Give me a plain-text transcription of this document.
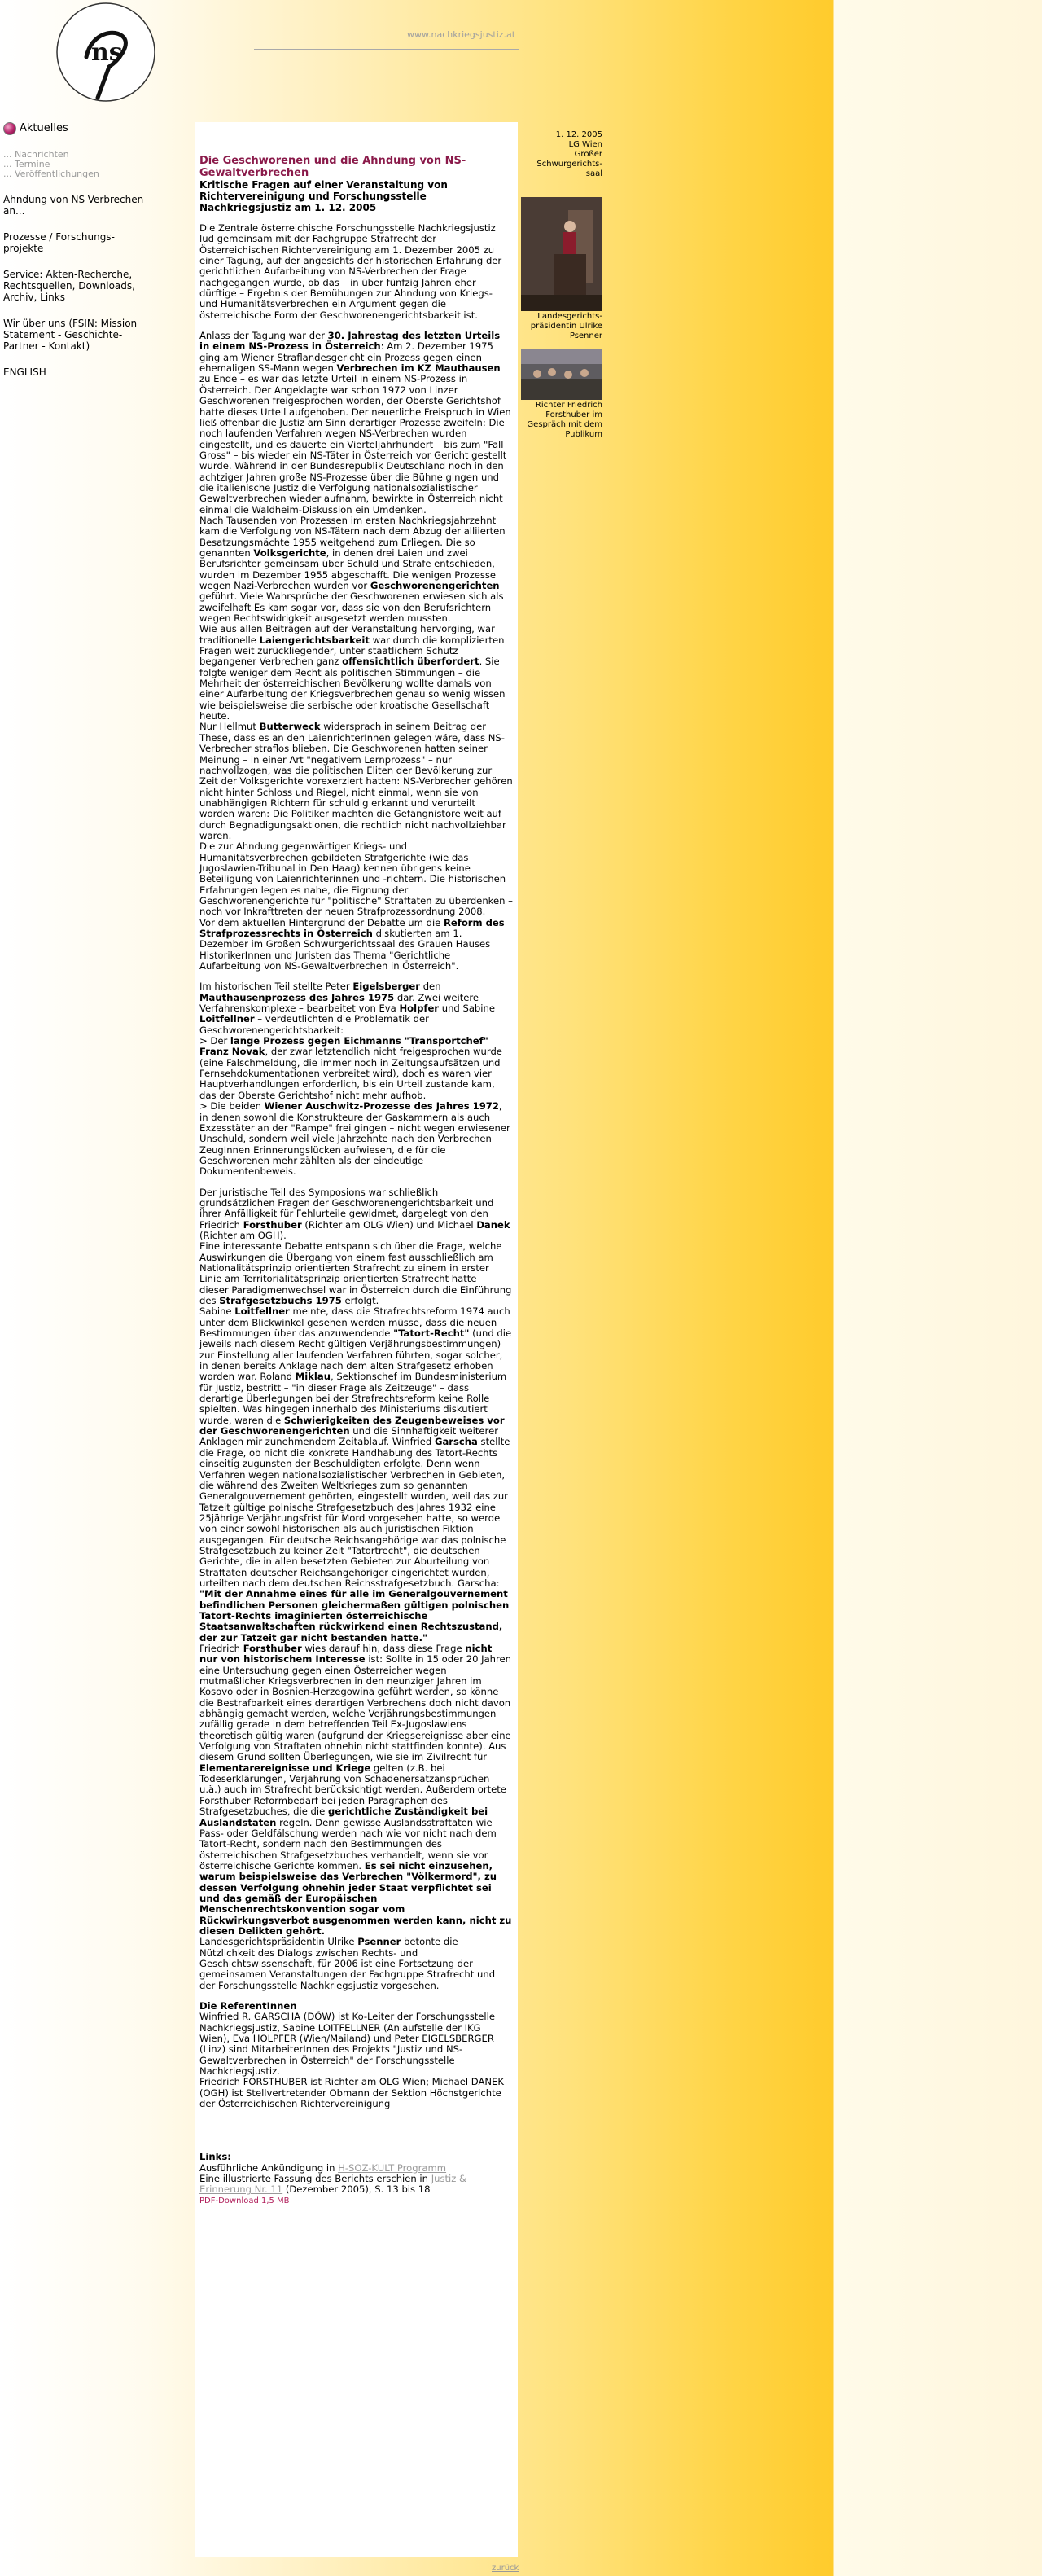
ns
www.nachkriegsjustiz.at
Aktuelles
... Nachrichten
... Termine
... Veröffentlichungen
Ahndung von NS-Verbrechen an...
Prozesse / Forschungs-projekte
Service: Akten-Recherche, Rechtsquellen, Downloads, Archiv, Links
Wir über uns (FSIN: Mission Statement - Geschichte- Partner - Kontakt)
ENGLISH
Die Geschworenen und die Ahndung von NS-Gewaltverbrechen
Kritische Fragen auf einer Veranstaltung von Richtervereinigung und Forschungsstelle Nachkriegsjustiz am 1. 12. 2005

Die Zentrale österreichische Forschungsstelle Nachkriegsjustiz lud gemeinsam mit der Fachgruppe Strafrecht der Österreichischen Richtervereinigung am 1. Dezember 2005 zu einer Tagung, auf der angesichts der historischen Erfahrung der gerichtlichen Aufarbeitung von NS-Verbrechen der Frage nachgegangen wurde, ob das – in über fünfzig Jahren eher dürftige – Ergebnis der Bemühungen zur Ahndung von Kriegs- und Humanitätsverbrechen ein Argument gegen die österreichische Form der Geschworenengerichtsbarkeit ist.

Anlass der Tagung war der 30. Jahrestag des letzten Urteils in einem NS-Prozess in Österreich: Am 2. Dezember 1975 ging am Wiener Straflandesgericht ein Prozess gegen einen ehemaligen SS-Mann wegen Verbrechen im KZ Mauthausen zu Ende – es war das letzte Urteil in einem NS-Prozess in Österreich. Der Angeklagte war schon 1972 von Linzer Geschworenen freigesprochen worden, der Oberste Gerichtshof hatte dieses Urteil aufgehoben. Der neuerliche Freispruch in Wien ließ offenbar die Justiz am Sinn derartiger Prozesse zweifeln: Die noch laufenden Verfahren wegen NS-Verbrechen wurden eingestellt, und es dauerte ein Vierteljahrhundert – bis zum "Fall Gross" – bis wieder ein NS-Täter in Österreich vor Gericht gestellt wurde. Während in der Bundesrepublik Deutschland noch in den achtziger Jahren große NS-Prozesse über die Bühne gingen und die italienische Justiz die Verfolgung nationalsozialistischer Gewaltverbrechen wieder aufnahm, bewirkte in Österreich nicht einmal die Waldheim-Diskussion ein Umdenken.

Nach Tausenden von Prozessen im ersten Nachkriegsjahrzehnt kam die Verfolgung von NS-Tätern nach dem Abzug der alliierten Besatzungsmächte 1955 weitgehend zum Erliegen. Die so genannten Volksgerichte, in denen drei Laien und zwei Berufsrichter gemeinsam über Schuld und Strafe entschieden, wurden im Dezember 1955 abgeschafft. Die wenigen Prozesse wegen Nazi-Verbrechen wurden vor Geschworenengerichten geführt. Viele Wahrsprüche der Geschworenen erwiesen sich als zweifelhaft Es kam sogar vor, dass sie von den Berufsrichtern wegen Rechtswidrigkeit ausgesetzt werden mussten.

Wie aus allen Beiträgen auf der Veranstaltung hervorging, war traditionelle Laiengerichtsbarkeit war durch die komplizierten Fragen weit zurückliegender, unter staatlichem Schutz begangener Verbrechen ganz offensichtlich überfordert. Sie folgte weniger dem Recht als politischen Stimmungen – die Mehrheit der österreichischen Bevölkerung wollte damals von einer Aufarbeitung der Kriegsverbrechen genau so wenig wissen wie beispielsweise die serbische oder kroatische Gesellschaft heute.

Nur Hellmut Butterweck widersprach in seinem Beitrag der These, dass es an den LaienrichterInnen gelegen wäre, dass NS-Verbrecher straflos blieben. Die Geschworenen hatten seiner Meinung – in einer Art "negativem Lernprozess" – nur nachvollzogen, was die politischen Eliten der Bevölkerung zur Zeit der Volksgerichte vorexerziert hatten: NS-Verbrecher gehören nicht hinter Schloss und Riegel, nicht einmal, wenn sie von unabhängigen Richtern für schuldig erkannt und verurteilt worden waren: Die Politiker machten die Gefängnistore weit auf – durch Begnadigungsaktionen, die rechtlich nicht nachvollziehbar waren.

Die zur Ahndung gegenwärtiger Kriegs- und Humanitätsverbrechen gebildeten Strafgerichte (wie das Jugoslawien-Tribunal in Den Haag) kennen übrigens keine Beteiligung von Laienrichterinnen und -richtern. Die historischen Erfahrungen legen es nahe, die Eignung der Geschworenengerichte für "politische" Straftaten zu überdenken – noch vor Inkrafttreten der neuen Strafprozessordnung 2008.

Vor dem aktuellen Hintergrund der Debatte um die Reform des Strafprozessrechts in Österreich diskutierten am 1. Dezember im Großen Schwurgerichtssaal des Grauen Hauses HistorikerInnen und Juristen das Thema "Gerichtliche Aufarbeitung von NS-Gewaltverbrechen in Österreich".

Im historischen Teil stellte Peter Eigelsberger den Mauthausenprozess des Jahres 1975 dar. Zwei weitere Verfahrenskomplexe – bearbeitet von Eva Holpfer und Sabine Loitfellner – verdeutlichten die Problematik der Geschworenengerichtsbarkeit:

> Der lange Prozess gegen Eichmanns "Transportchef" Franz Novak, der zwar letztendlich nicht freigesprochen wurde (eine Falschmeldung, die immer noch in Zeitungsaufsätzen und Fernsehdokumentationen verbreitet wird), doch es waren vier Hauptverhandlungen erforderlich, bis ein Urteil zustande kam, das der Oberste Gerichtshof nicht mehr aufhob.

> Die beiden Wiener Auschwitz-Prozesse des Jahres 1972, in denen sowohl die Konstrukteure der Gaskammern als auch Exzesstäter an der "Rampe" frei gingen – nicht wegen erwiesener Unschuld, sondern weil viele Jahrzehnte nach den Verbrechen ZeugInnen Erinnerungslücken aufwiesen, die für die Geschworenen mehr zählten als der eindeutige Dokumentenbeweis.

Der juristische Teil des Symposions war schließlich grundsätzlichen Fragen der Geschworenengerichtsbarkeit und ihrer Anfälligkeit für Fehlurteile gewidmet, dargelegt von den Friedrich Forsthuber (Richter am OLG Wien) und Michael Danek (Richter am OGH).

Eine interessante Debatte entspann sich über die Frage, welche Auswirkungen die Übergang von einem fast ausschließlich am Nationalitätsprinzip orientierten Strafrecht zu einem in erster Linie am Territorialitätsprinzip orientierten Strafrecht hatte – dieser Paradigmenwechsel war in Österreich durch die Einführung des Strafgesetzbuchs 1975 erfolgt.

Sabine Loitfellner meinte, dass die Strafrechtsreform 1974 auch unter dem Blickwinkel gesehen werden müsse, dass die neuen Bestimmungen über das anzuwendende "Tatort-Recht" (und die jeweils nach diesem Recht gültigen Verjährungsbestimmungen) zur Einstellung aller laufenden Verfahren führten, sogar solcher, in denen bereits Anklage nach dem alten Strafgesetz erhoben worden war. Roland Miklau, Sektionschef im Bundesministerium für Justiz, bestritt – "in dieser Frage als Zeitzeuge" – dass derartige Überlegungen bei der Strafrechtsreform keine Rolle spielten. Was hingegen innerhalb des Ministeriums diskutiert wurde, waren die Schwierigkeiten des Zeugenbeweises vor der Geschworenengerichten und die Sinnhaftigkeit weiterer Anklagen mir zunehmendem Zeitablauf. Winfried Garscha stellte die Frage, ob nicht die konkrete Handhabung des Tatort-Rechts einseitig zugunsten der Beschuldigten erfolgte. Denn wenn Verfahren wegen nationalsozialistischer Verbrechen in Gebieten, die während des Zweiten Weltkrieges zum so genannten Generalgouvernement gehörten, eingestellt wurden, weil das zur Tatzeit gültige polnische Strafgesetzbuch des Jahres 1932 eine 25jährige Verjährungsfrist für Mord vorgesehen hatte, so werde von einer sowohl historischen als auch juristischen Fiktion ausgegangen. Für deutsche Reichsangehörige war das polnische Strafgesetzbuch zu keiner Zeit "Tatortrecht", die deutschen Gerichte, die in allen besetzten Gebieten zur Aburteilung von Straftaten deutscher Reichsangehöriger eingerichtet wurden, urteilten nach dem deutschen Reichsstrafgesetzbuch. Garscha: "Mit der Annahme eines für alle im Generalgouvernement befindlichen Personen gleichermaßen gültigen polnischen Tatort-Rechts imaginierten österreichische Staatsanwaltschaften rückwirkend einen Rechtszustand, der zur Tatzeit gar nicht bestanden hatte."

Friedrich Forsthuber wies darauf hin, dass diese Frage nicht nur von historischem Interesse ist: Sollte in 15 oder 20 Jahren eine Untersuchung gegen einen Österreicher wegen mutmaßlicher Kriegsverbrechen in den neunziger Jahren im Kosovo oder in Bosnien-Herzegowina geführt werden, so könne die Bestrafbarkeit eines derartigen Verbrechens doch nicht davon abhängig gemacht werden, welche Verjährungsbestimmungen zufällig gerade in dem betreffenden Teil Ex-Jugoslawiens theoretisch gültig waren (aufgrund der Kriegsereignisse aber eine Verfolgung von Straftaten ohnehin nicht stattfinden konnte). Aus diesem Grund sollten Überlegungen, wie sie im Zivilrecht für Elementarereignisse und Kriege gelten (z.B. bei Todeserklärungen, Verjährung von Schadenersatzansprüchen u.ä.) auch im Strafrecht berücksichtigt werden. Außerdem ortete Forsthuber Reformbedarf bei jeden Paragraphen des Strafgesetzbuches, die die gerichtliche Zuständigkeit bei Auslandstaten regeln. Denn gewisse Auslandsstraftaten wie Pass- oder Geldfälschung werden nach wie vor nicht nach dem Tatort-Recht, sondern nach den Bestimmungen des österreichischen Strafgesetzbuches verhandelt, wenn sie vor österreichische Gerichte kommen. Es sei nicht einzusehen, warum beispielsweise das Verbrechen "Völkermord", zu dessen Verfolgung ohnehin jeder Staat verpflichtet sei und das gemäß der Europäischen Menschenrechtskonvention sogar vom Rückwirkungsverbot ausgenommen werden kann, nicht zu diesen Delikten gehört.

Landesgerichtspräsidentin Ulrike Psenner betonte die Nützlichkeit des Dialogs zwischen Rechts- und Geschichtswissenschaft, für 2006 ist eine Fortsetzung der gemeinsamen Veranstaltungen der Fachgruppe Strafrecht und der Forschungsstelle Nachkriegsjustiz vorgesehen.

Die ReferentInnen

Winfried R. GARSCHA (DÖW) ist Ko-Leiter der Forschungsstelle Nachkriegsjustiz, Sabine LOITFELLNER (Anlaufstelle der IKG Wien), Eva HOLPFER (Wien/Mailand) und Peter EIGELSBERGER (Linz) sind MitarbeiterInnen des Projekts "Justiz und NS-Gewaltverbrechen in Österreich" der Forschungsstelle Nachkriegsjustiz.

Friedrich FORSTHUBER ist Richter am OLG Wien; Michael DANEK (OGH) ist Stellvertretender Obmann der Sektion Höchstgerichte der Österreichischen Richtervereinigung

Links:

Ausführliche Ankündigung in H-SOZ-KULT Programm

Eine illustrierte Fassung des Berichts erschien in Justiz & Erinnerung Nr. 11 (Dezember 2005), S. 13 bis 18

PDF-Download 1,5 MB
1. 12. 2005
LG Wien
Großer
Schwurgerichts-
saal
Landesgerichts-präsidentin Ulrike Psenner
Richter Friedrich Forsthuber im Gespräch mit dem Publikum
zurück
